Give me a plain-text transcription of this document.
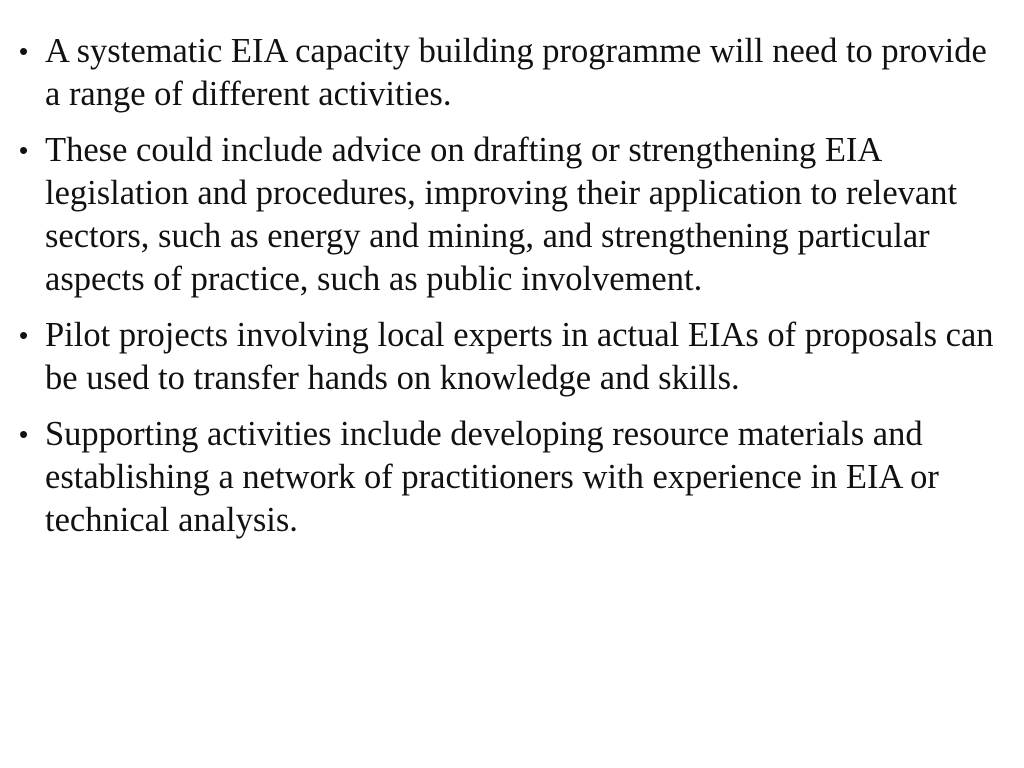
• A systematic EIA capacity building programme will need to provide a range of different activities.
• These could include advice on drafting or strengthening EIA legislation and procedures, improving their application to relevant sectors, such as energy and mining, and strengthening particular aspects of practice, such as public involvement.
• Pilot projects involving local experts in actual EIAs of proposals can be used to transfer hands on knowledge and skills.
• Supporting activities include developing resource materials and establishing a network of practitioners with experience in EIA or technical analysis.
